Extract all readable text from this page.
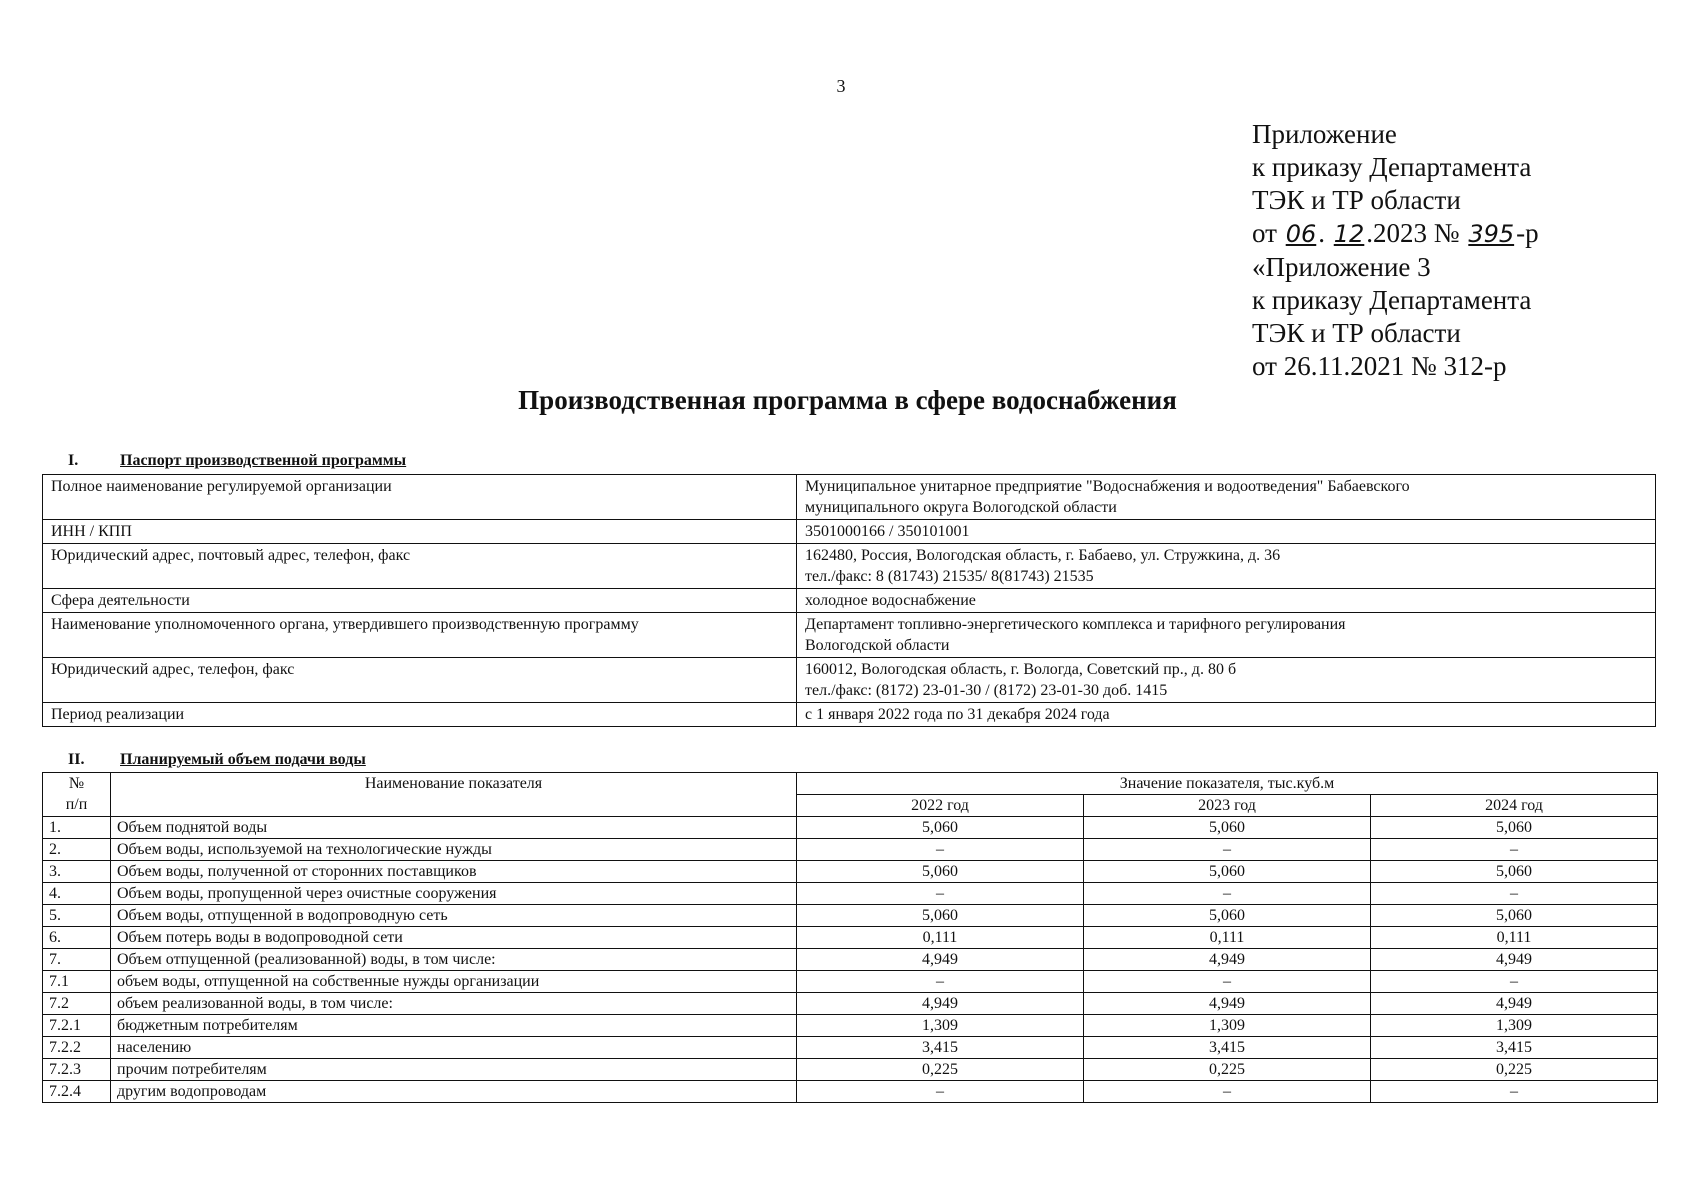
3
Приложение
к приказу Департамента
ТЭК и ТР области
от 06. 12.2023 № 395-р
«Приложение 3
к приказу Департамента
ТЭК и ТР области
от 26.11.2021 № 312-р
Производственная программа в сфере водоснабжения
I.	Паспорт производственной программы
Полное наименование регулируемой организации	Муниципальное унитарное предприятие "Водоснабжения и водоотведения" Бабаевского
муниципального округа Вологодской области

ИНН / КПП	3501000166 / 350101001

Юридический адрес, почтовый адрес, телефон, факс	162480, Россия, Вологодская область, г. Бабаево, ул. Стружкина, д. 36
тел./факс: 8 (81743) 21535/ 8(81743) 21535

Сфера деятельности	холодное водоснабжение

Наименование уполномоченного органа, утвердившего производственную программу	Департамент топливно-энергетического комплекса и тарифного регулирования
Вологодской области

Юридический адрес, телефон, факс	160012, Вологодская область, г. Вологда, Советский пр., д. 80 б
тел./факс: (8172) 23-01-30 / (8172) 23-01-30 доб. 1415

Период реализации	с 1 января 2022 года по 31 декабря 2024 года
II. Планируемый объем подачи воды
№
п/п	Наименование показателя	Значение показателя, тыс.куб.м		
		2022 год	2023 год	2024 год
1.	Объем поднятой воды	5,060	5,060	5,060
2.	Объем воды, используемой на технологические нужды	–	–	–
3.	Объем воды, полученной от сторонних поставщиков	5,060	5,060	5,060
4.	Объем воды, пропущенной через очистные сооружения	–	–	–
5.	Объем воды, отпущенной в водопроводную сеть	5,060	5,060	5,060
6.	Объем потерь воды в водопроводной сети	0,111	0,111	0,111
7.	Объем отпущенной (реализованной) воды, в том числе:	4,949	4,949	4,949
7.1	объем воды, отпущенной на собственные нужды организации	–	–	–
7.2	объем реализованной воды, в том числе:	4,949	4,949	4,949
7.2.1	бюджетным потребителям	1,309	1,309	1,309
7.2.2	населению	3,415	3,415	3,415
7.2.3	прочим потребителям	0,225	0,225	0,225
7.2.4	другим водопроводам	–	–	–
